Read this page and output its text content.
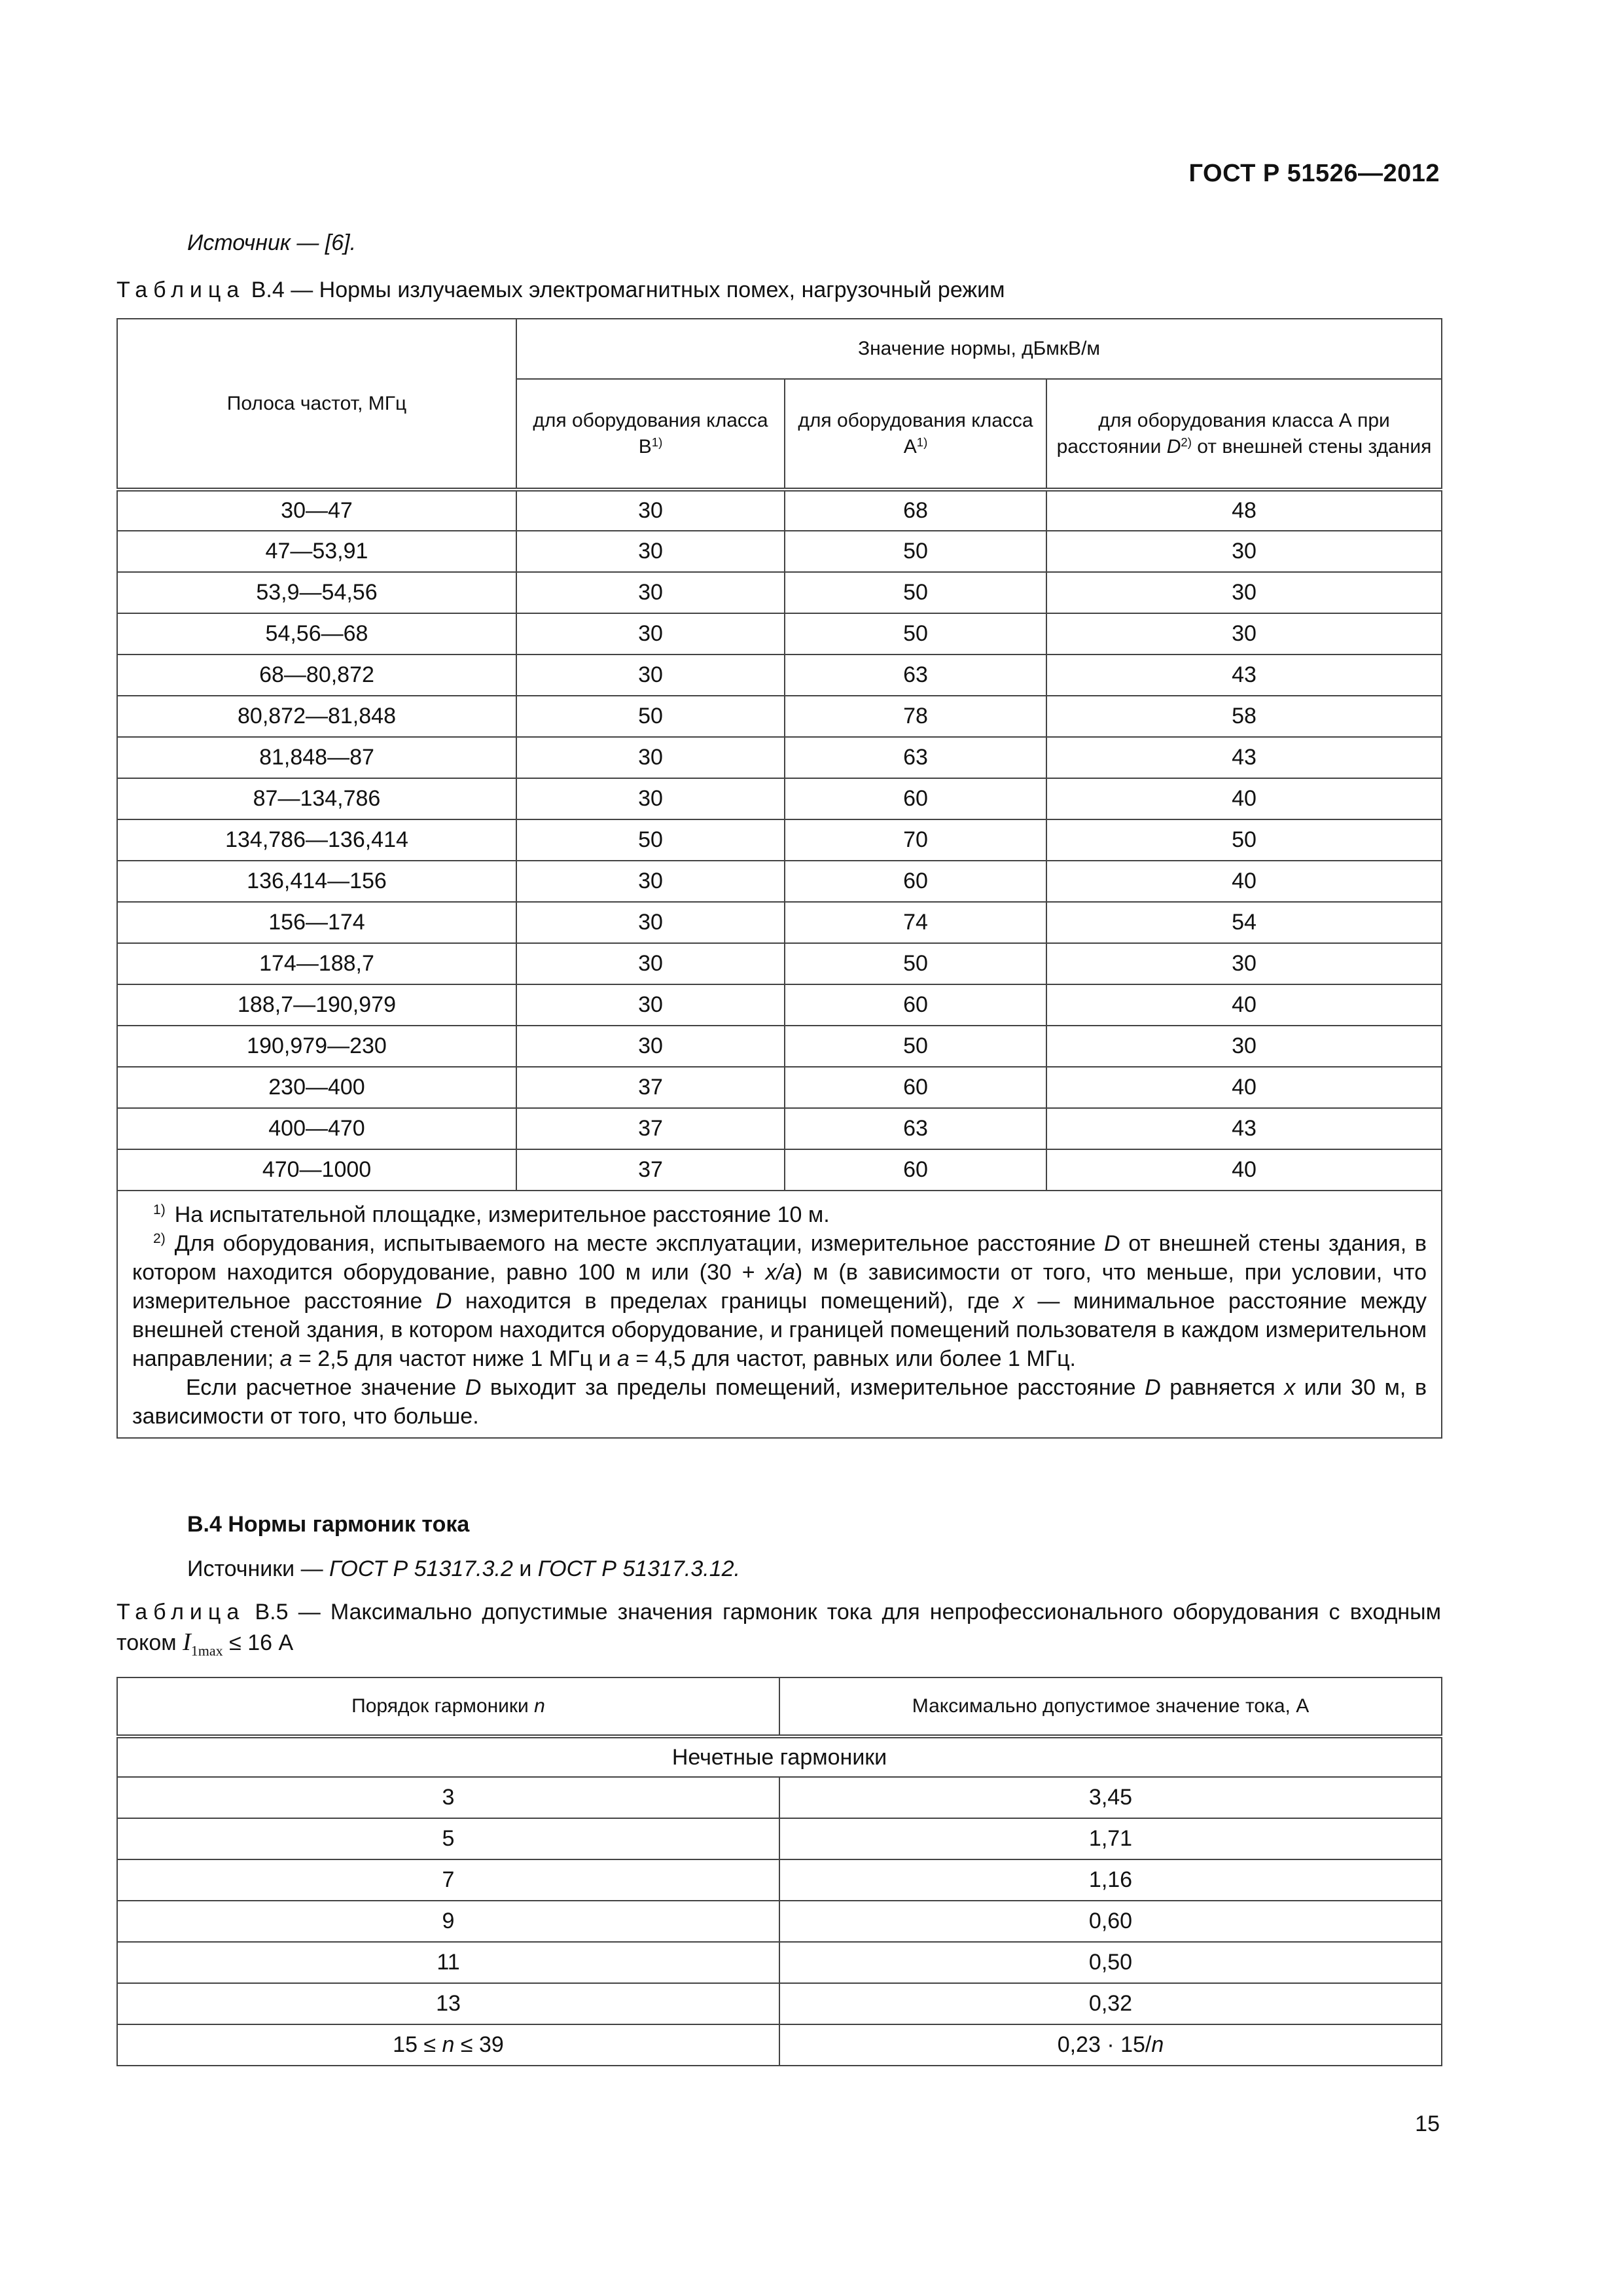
ГОСТ Р 51526—2012
Источник — [6].
Таблица В.4 — Нормы излучаемых электромагнитных помех, нагрузочный режим
Полоса частот, МГц	Значение нормы, дБмкВ/м		
	для оборудования класса $В^{1)}$	для оборудования класса $А^{1)}$	для оборудования класса А при расстоянии $D^{2)}$ от внешней стены здания
30—47	30	68	48
47—53,91	30	50	30
53,9—54,56	30	50	30
54,56—68	30	50	30
68—80,872	30	63	43
80,872—81,848	50	78	58
81,848—87	30	63	43
87—134,786	30	60	40
134,786—136,414	50	70	50
136,414—156	30	60	40
156—174	30	74	54
174—188,7	30	50	30
188,7—190,979	30	60	40
190,979—230	30	50	30
230—400	37	60	40
400—470	37	63	43
470—1000	37	60	40

$^{1)}$ На испытательной площадке, измерительное расстояние 10 м.
$^{2)}$ Для оборудования, испытываемого на месте эксплуатации, измерительное расстояние D от внешней стены здания, в котором находится оборудование, равно 100 м или (30 + x/a) м (в зависимости от того, что меньше, при условии, что измерительное расстояние D находится в пределах границы помещений), где x — минимальное расстояние между внешней стеной здания, в котором находится оборудование, и границей помещений пользователя в каждом измерительном направлении; a = 2,5 для частот ниже 1 МГц и a = 4,5 для частот, равных или более 1 МГц.
Если расчетное значение D выходит за пределы помещений, измерительное расстояние D равняется x или 30 м, в зависимости от того, что больше.			
В.4 Нормы гармоник тока
Источники — ГОСТ Р 51317.3.2 и ГОСТ Р 51317.3.12.
Таблица В.5 — Максимально допустимые значения гармоник тока для непрофессионального оборудования с входным током $I_{1max} \le 16$ А
Порядок гармоники n	Максимально допустимое значение тока, А
Нечетные гармоники	
3	3,45
5	1,71
7	1,16
9	0,60
11	0,50
13	0,32
15 ≤ n ≤ 39	0,23 · 15/n
15
